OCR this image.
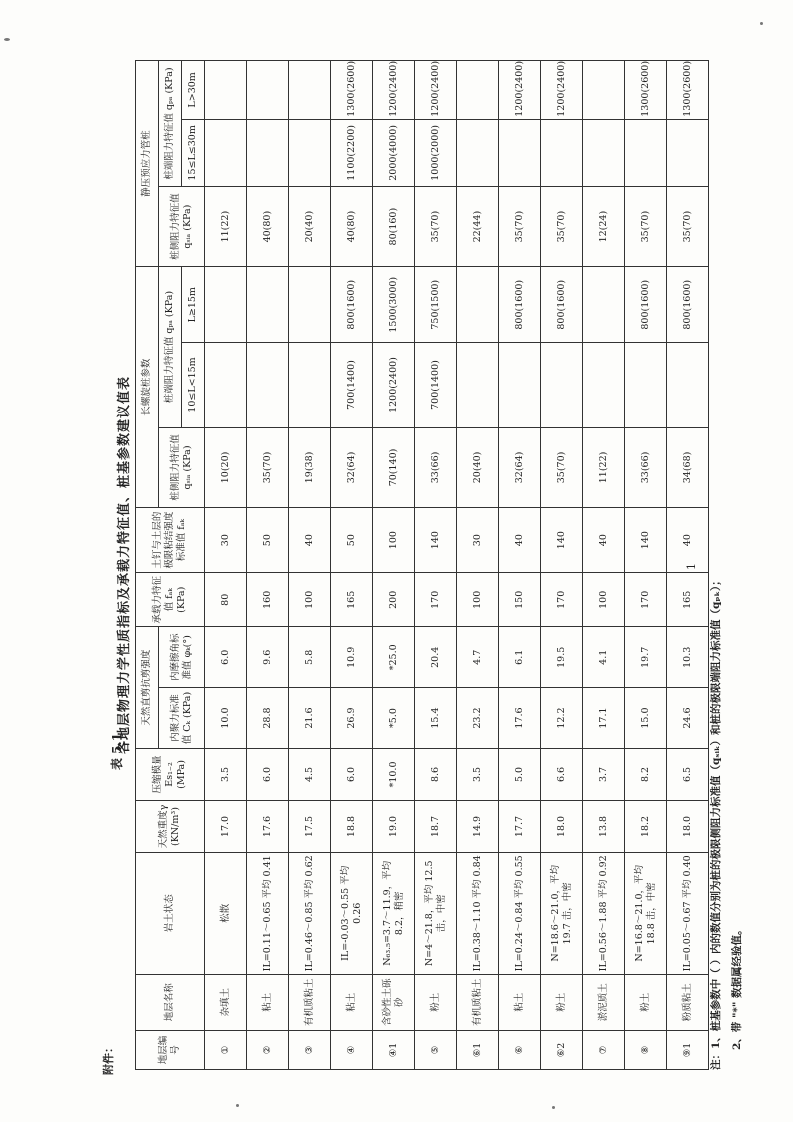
附件：
表 5.1
各地层物理力学性质指标及承载力特征值、桩基参数建议值表
地层编号	地层名称	岩土状态	天然重度γ (KN/m³)	压缩模量 Es₁₋₂ (MPa)	天然直剪抗剪强度		承载力特征值 fₐₖ (KPa)	土钉与土层的极限粘结强度标准值 fₐₖ	长螺旋桩参数			静压预应力管桩		
					内聚力标准值 Cₖ (KPa)	内摩擦角标准值 φₖ(°)			桩侧阻力特征值 qₛᵢₐ (KPa)	桩端阻力特征值 qₚₐ (KPa)		桩侧阻力特征值 qₛᵢₐ (KPa)	桩端阻力特征值 qₚₐ (KPa)	
										10≤L<15m	L≥15m		15≤L≤30m	L>30m
①	杂填土	松散	17.0	3.5	10.0	6.0	80	30	10(20)			11(22)		
②	粘土	IL=0.11～0.65 平均 0.41	17.6	6.0	28.8	9.6	160	50	35(70)			40(80)		
③	有机质粘土	IL=0.46～0.85 平均 0.62	17.5	4.5	21.6	5.8	100	40	19(38)			20(40)		
④	粘土	IL=-0.03～0.55 平均 0.26	18.8	6.0	26.9	10.9	165	50	32(64)	700(1400)	800(1600)	40(80)	1100(2200)	1300(2600)
④1	含砂性土砾砂	N₆₃.₅=3.7～11.9，平均 8.2，稍密	19.0	*10.0	*5.0	*25.0	200	100	70(140)	1200(2400)	1500(3000)	80(160)	2000(4000)	1200(2400)
⑤	粉土	N=4～21.8，平均 12.5 击，中密	18.7	8.6	15.4	20.4	170	140	33(66)	700(1400)	750(1500)	35(70)	1000(2000)	1200(2400)
⑥1	有机质粘土	IL=0.38～1.10 平均 0.84	14.9	3.5	23.2	4.7	100	30	20(40)			22(44)		
⑥	粘土	IL=0.24～0.84 平均 0.55	17.7	5.0	17.6	6.1	150	40	32(64)		800(1600)	35(70)		1200(2400)
⑥2	粉土	N=18.6～21.0，平均 19.7 击，中密	18.0	6.6	12.2	19.5	170	140	35(70)		800(1600)	35(70)		1200(2400)
⑦	淤泥质土	IL=0.56～1.88 平均 0.92	13.8	3.7	17.1	4.1	100	40	11(22)			12(24)		
⑧	粉土	N=16.8～21.0，平均 18.8 击，中密	18.2	8.2	15.0	19.7	170	140	33(66)		800(1600)	35(70)		1300(2600)
⑨1	粉质粘土	IL=0.05～0.67 平均 0.40	18.0	6.5	24.6	10.3	165	40	34(68)		800(1600)	35(70)		1300(2600)
注：1、桩基参数中（ ）内的数值分别为桩的极限侧阻力标准值（qₛᵢₖ）和桩的极限端阻力标准值（qₚₖ）； 2、带 "*" 数据属经验值。
1
